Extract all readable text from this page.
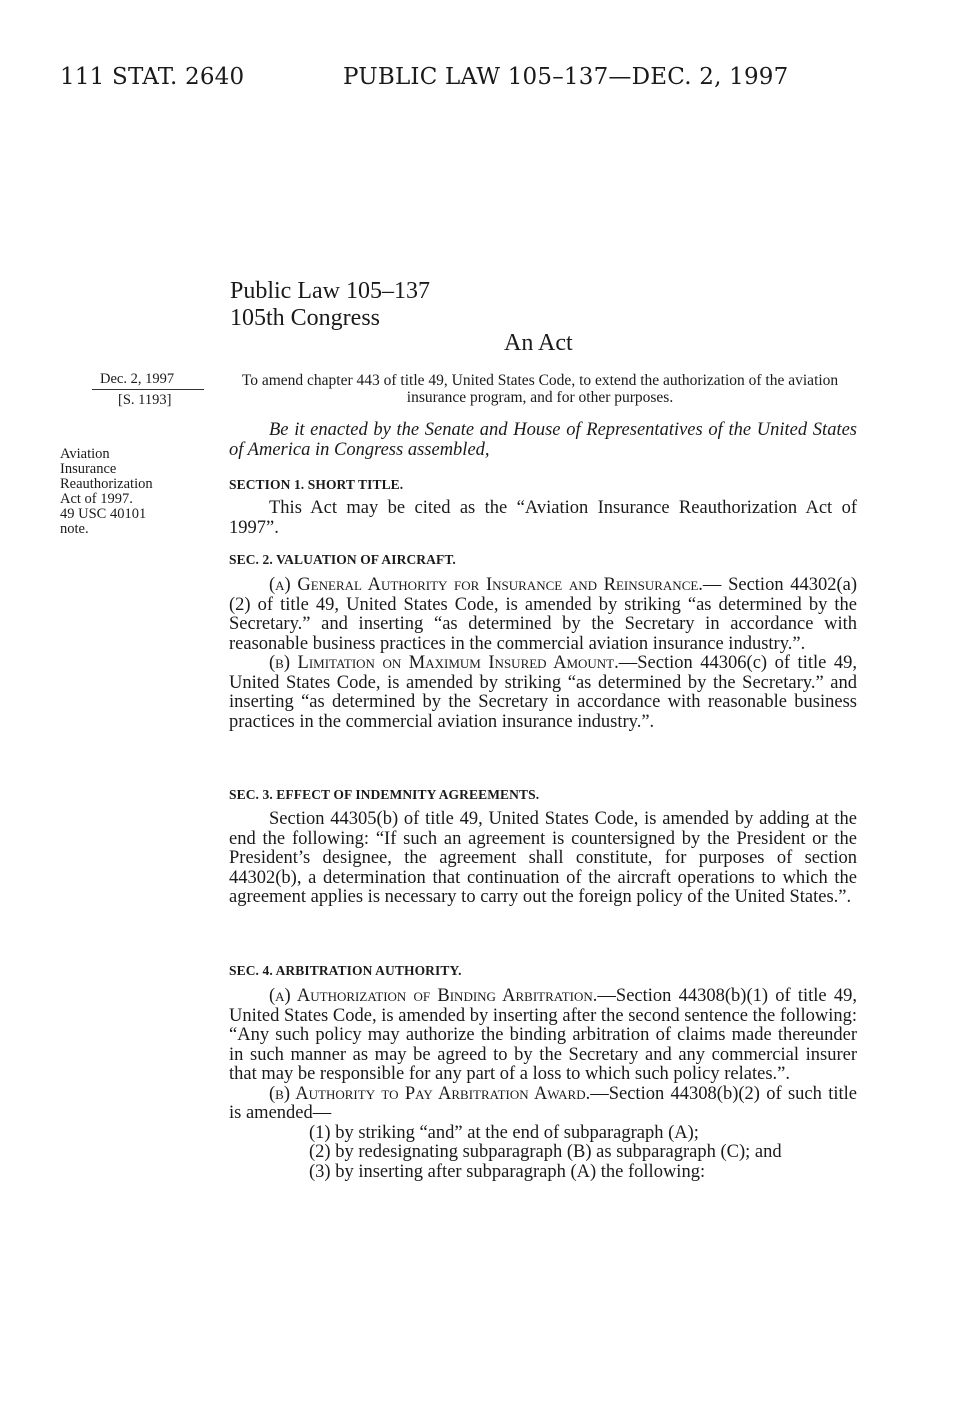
111 STAT. 2640	PUBLIC LAW 105–137—DEC. 2, 1997
Public Law 105–137
105th Congress
An Act
Dec. 2, 1997
[S. 1193]
Aviation
Insurance
Reauthorization
Act of 1997.
49 USC 40101
note.
To amend chapter 443 of title 49, United States Code, to extend the authorization of the aviation insurance program, and for other purposes.

Be it enacted by the Senate and House of Representatives of the United States of America in Congress assembled,

SECTION 1. SHORT TITLE.

This Act may be cited as the “Aviation Insurance Reauthorization Act of 1997”.

SEC. 2. VALUATION OF AIRCRAFT.

(a) General Authority for Insurance and Reinsurance.— Section 44302(a)(2) of title 49, United States Code, is amended by striking “as determined by the Secretary.” and inserting “as determined by the Secretary in accordance with reasonable business practices in the commercial aviation insurance industry.”.

(b) Limitation on Maximum Insured Amount.—Section 44306(c) of title 49, United States Code, is amended by striking “as determined by the Secretary.” and inserting “as determined by the Secretary in accordance with reasonable business practices in the commercial aviation insurance industry.”.

SEC. 3. EFFECT OF INDEMNITY AGREEMENTS.

Section 44305(b) of title 49, United States Code, is amended by adding at the end the following: “If such an agreement is countersigned by the President or the President’s designee, the agreement shall constitute, for purposes of section 44302(b), a determination that continuation of the aircraft operations to which the agreement applies is necessary to carry out the foreign policy of the United States.”.

SEC. 4. ARBITRATION AUTHORITY.

(a) Authorization of Binding Arbitration.—Section 44308(b)(1) of title 49, United States Code, is amended by inserting after the second sentence the following: “Any such policy may authorize the binding arbitration of claims made thereunder in such manner as may be agreed to by the Secretary and any commercial insurer that may be responsible for any part of a loss to which such policy relates.”.

(b) Authority to Pay Arbitration Award.—Section 44308(b)(2) of such title is amended—

(1) by striking “and” at the end of subparagraph (A);

(2) by redesignating subparagraph (B) as subparagraph (C); and

(3) by inserting after subparagraph (A) the following:
